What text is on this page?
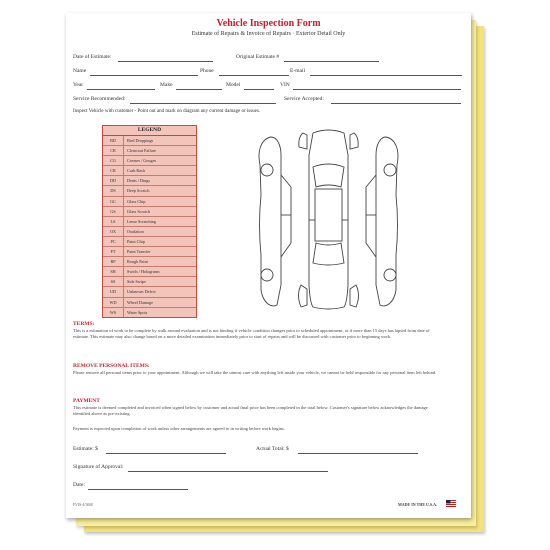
Vehicle Inspection Form
Estimate of Repairs & Invoice of Repairs · Exterior Detail Only
Date of Estimate:	Original Estimate #
Name	Phone	E-mail
Year	Make	Model	VIN
Service Recommended:	Service Accepted:
Inspect Vehicle with customer - Point out and mark on diagram any current damage or issues.
LEGEND
BD	Bird Droppings
CR	Clearcoat Failure
CG	Creases / Gouges
CR	Curb Rash
DD	Dents / Dings
DS	Deep Scratch
GC	Glass Chip
GS	Glass Scratch
LS	Lense Scratching
OX	Oxidation
PC	Paint Chip
PT	Paint Transfer
RP	Rough Paint
SH	Swirls / Holograms
SS	Side Swipe
UD	Unknown Defect
WD	Wheel Damage
WS	Water Spots
TERMS:
This is a estimation of work to be complete by walk around evaluation and is not binding if vehicle condition changes prior to scheduled appointment, or if more than 15 days has lapsed from date of estimate. This estimate may also change based on a more detailed examination immediately prior to start of repairs and will be discussed with customer prior to beginning work.
REMOVE PERSONAL ITEMS:
Please remove all personal items prior to your appointment. Although we will take the utmost care with anything left inside your vehicle, we cannot be held responsible for any personal item left behind.
PAYMENT
This estimate is deemed completed and invoiced when signed below by customer and actual final price has been completed in the total below. Customer's signature below acknowledges the damage identified above as pre-existing.
Payment is expected upon completion of work unless other arrangements are agreed to in writing before work begins.
Estimate: $	Actual Total: $
Signature of Approval:
Date:
FVIS-4/3000	MADE IN THE U.S.A.
